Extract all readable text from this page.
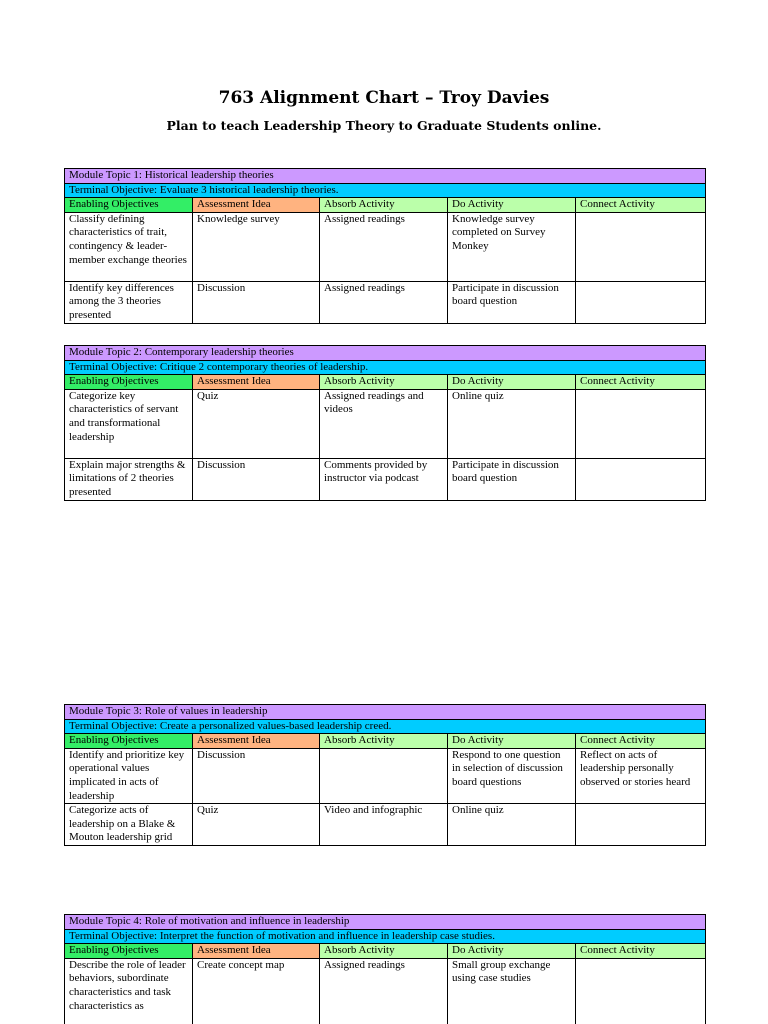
763 Alignment Chart – Troy Davies
Plan to teach Leadership Theory to Graduate Students online.
Module Topic 1: Historical leadership theories				
Terminal Objective: Evaluate 3 historical leadership theories.				
Enabling Objectives	Assessment Idea	Absorb Activity	Do Activity	Connect Activity
Classify defining characteristics of trait, contingency & leader-member exchange theories	Knowledge survey	Assigned readings	Knowledge survey completed on Survey Monkey	
Identify key differences among the 3 theories presented	Discussion	Assigned readings	Participate in discussion board question	
Module Topic 2: Contemporary leadership theories				
Terminal Objective: Critique 2 contemporary theories of leadership.				
Enabling Objectives	Assessment Idea	Absorb Activity	Do Activity	Connect Activity
Categorize key characteristics of servant and transformational leadership	Quiz	Assigned readings and videos	Online quiz	
Explain major strengths & limitations of 2 theories presented	Discussion	Comments provided by instructor via podcast	Participate in discussion board question	
Module Topic 3: Role of values in leadership				
Terminal Objective: Create a personalized values-based leadership creed.				
Enabling Objectives	Assessment Idea	Absorb Activity	Do Activity	Connect Activity
Identify and prioritize key operational values implicated in acts of leadership	Discussion		Respond to one question in selection of discussion board questions	Reflect on acts of leadership personally observed or stories heard
Categorize acts of leadership on a Blake & Mouton leadership grid	Quiz	Video and infographic	Online quiz	
Module Topic 4: Role of motivation and influence in leadership				
Terminal Objective: Interpret the function of motivation and influence in leadership case studies.				
Enabling Objectives	Assessment Idea	Absorb Activity	Do Activity	Connect Activity
Describe the role of leader behaviors, subordinate characteristics and task characteristics as	Create concept map	Assigned readings	Small group exchange using case studies	
